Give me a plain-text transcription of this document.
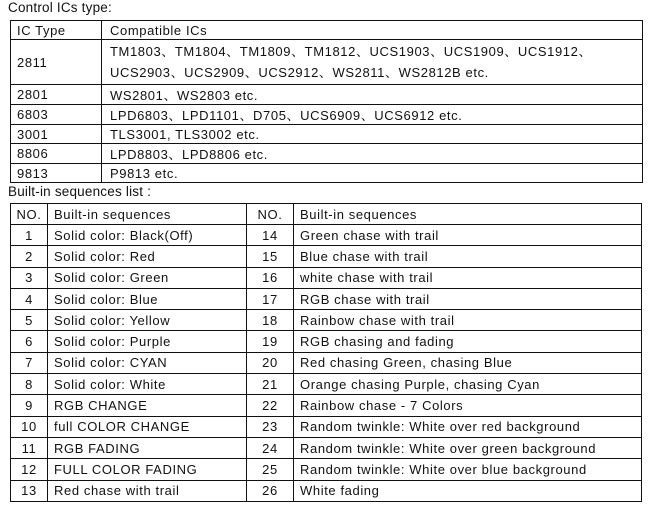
Control ICs type:
IC Type	Compatible ICs
2811	TM1803、TM1804、TM1809、TM1812、UCS1903、UCS1909、UCS1912、UCS2903、UCS2909、UCS2912、WS2811、WS2812B etc.
2801	WS2801、WS2803 etc.
6803	LPD6803、LPD1101、D705、UCS6909、UCS6912 etc.
3001	TLS3001, TLS3002 etc.
8806	LPD8803、LPD8806 etc.
9813	P9813 etc.
Built-in sequences list :
NO.	Built-in sequences	NO.	Built-in sequences
1	Solid color: Black(Off)	14	Green chase with trail
2	Solid color: Red	15	Blue chase with trail
3	Solid color: Green	16	white chase with trail
4	Solid color: Blue	17	RGB chase with trail
5	Solid color: Yellow	18	Rainbow chase with trail
6	Solid color: Purple	19	RGB chasing and fading
7	Solid color: CYAN	20	Red chasing Green, chasing Blue
8	Solid color: White	21	Orange chasing Purple, chasing Cyan
9	RGB CHANGE	22	Rainbow chase - 7 Colors
10	full COLOR CHANGE	23	Random twinkle: White over red background
11	RGB FADING	24	Random twinkle: White over green background
12	FULL COLOR FADING	25	Random twinkle: White over blue background
13	Red chase with trail	26	White fading
